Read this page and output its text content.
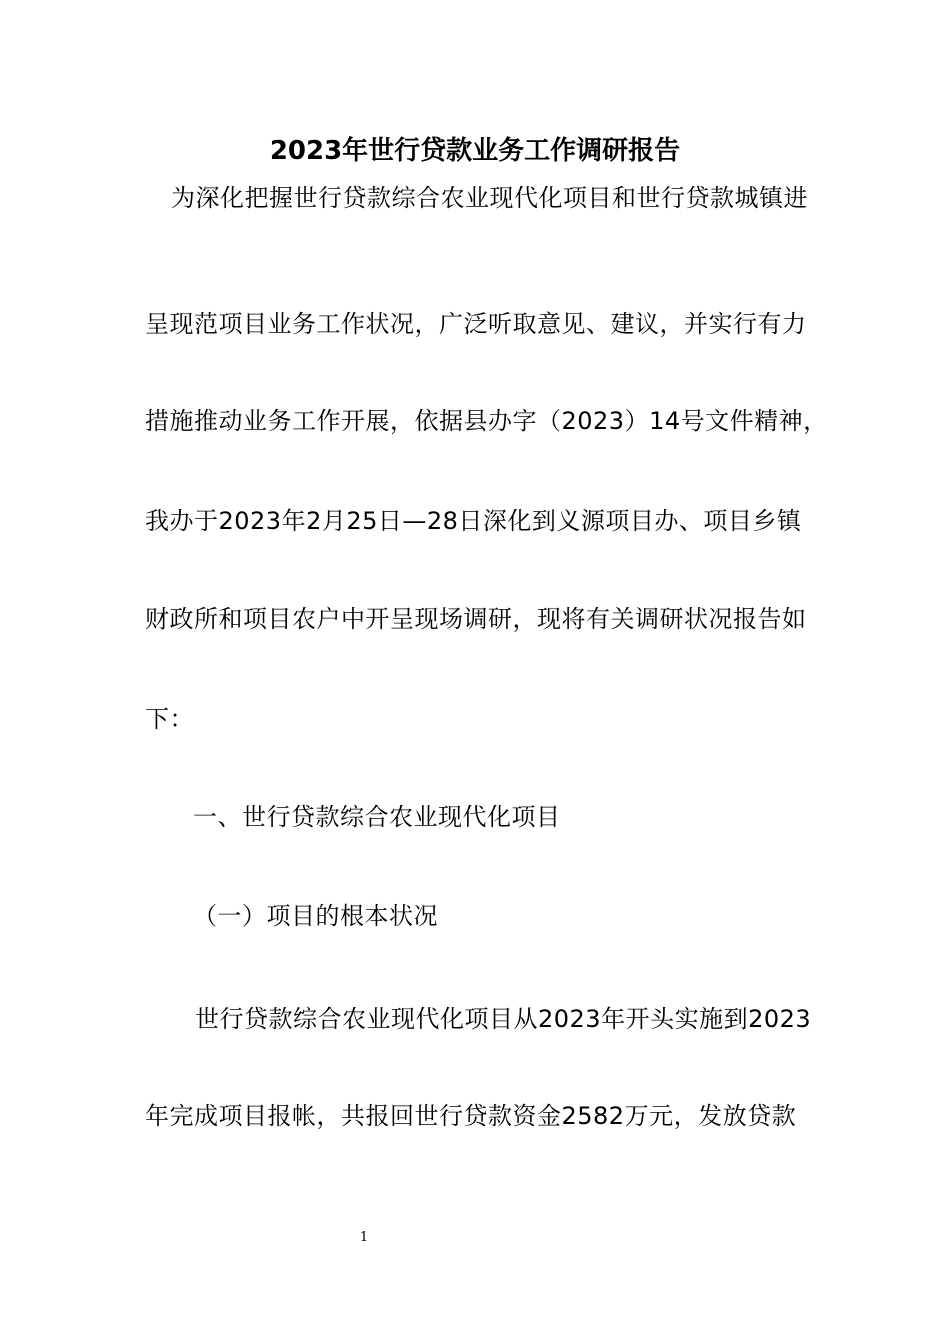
2023年世行贷款业务工作调研报告
为深化把握世行贷款综合农业现代化项目和世行贷款城镇进
呈现范项目业务工作状况，广泛听取意见、建议，并实行有力
措施推动业务工作开展，依据县办字（2023）14号文件精神，
我办于2023年2月25日—28日深化到义源项目办、项目乡镇
财政所和项目农户中开呈现场调研，现将有关调研状况报告如
下：
一、世行贷款综合农业现代化项目
（一）项目的根本状况
世行贷款综合农业现代化项目从2023年开头实施到2023
年完成项目报帐，共报回世行贷款资金2582万元，发放贷款
1
